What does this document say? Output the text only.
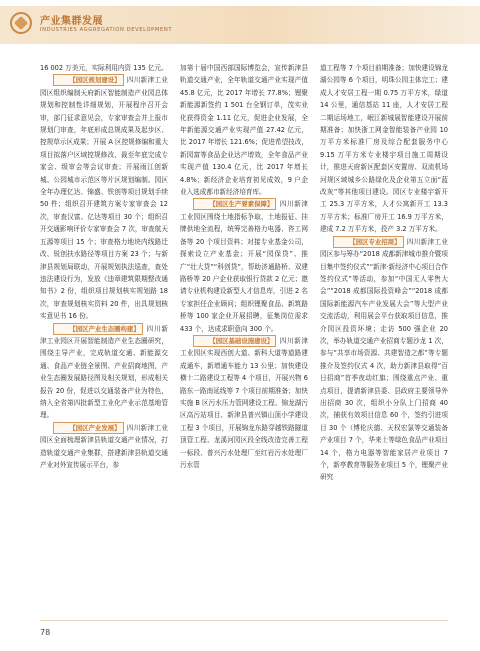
产业集群发展
INDUSTRIES AGGREGATION DEVELOPMENT

16 002 万美元，实际利用内资 135 亿元。

【园区规划建设】 四川新津工业园区组织编制天府新区智能制造产业园总体规划和控制性详细规划，开展程序召开会审，部门征求意见会，专家审查会并上报市规划门审查，年底形成总规成果及起步区、控规草示区成果；开展 A 区控规修编和重大项目拟落户区域控规修改、裁至年底完成专家会、级审会等会议审查；开展雨江创新城、公园城市示范区等片区规划编制。园区全年办理亿达、锦盛、铁创等项目规划手续 50 件；组织召开建筑方案专家审查会 12 次，审查汉富、亿达等项目 30 个；组织召开交通影响评价专家审查会 7 次，审查航天五源等项目 15 个；审查格力地块内线路迁改、锐创扶水路径等项目方案 23 个；与新津县规划局联动，开展规划执法巡查，查处违法建设行为，发放《违章建筑限期整改通知书》2 份，组织项目规划核实规划路 18 次，审查规划核实资料 20 件，出具规划核实意见书 16 份。

【园区产业生态圈构建】 四川新津工业园区开展智能制造产业生态圈研究，围绕主导产业，完成轨道交通、新能源交通、食品产业链全景图、产业招商地图，产业生态圈发展路径图及相关规划，形成相关报告 20 份，促进以交通装备产业为特色，纳入全省第四批新型工业化产业示范基地管理。

【园区产业发展】 四川新津工业园区全面梳理新津县轨道交通产业情况，打造轨道交通产业集群，搭建新津县轨道交通产业对外宣传展示平台，参

加第十届中国西部国际博览会，宣传新津县轨道交通产业，全年轨道交通产业实现产值 45.8 亿元，比 2017 年增长 77.8%；锂聚新能源新签约 1 501 台全钢订单，茂实业化获得资金 1.11 亿元，促进企业发展，全年新能源交通产业实现产值 27.42 亿元，比 2017 年增长 121.6%；促进希望技改，新园富等食品企业达产增效，全年食品产业实现产值 130.4 亿元，比 2017 年增长 4.8%；新经济企业培育初见成效，9 户企业入选成都市新经济培育库。

【园区生产要素保障】 四川新津工业园区围绕土地指标争取、土地报征、挂牌供地全流程，统筹完善格力电器、咨工网备等 20 个项目资料；对接专业基金公司，探索设立产业基金；开展“园保贷”、推广“壮大贷”“科创贷”，帮助济通路桥、双建路桥等 20 户企业获取银行贷款 2 亿元；邀请专业机构建设新型人才信息库，引进 2 名专家担任企业顾问；组织锂聚食品、新筑路桥等 100 家企业开展招聘，征集岗位需求 433 个，达成求职意向 300 个。

【园区基础设施建设】 四川新津工业园区实现西创大道、新科大道等道路建成通车，新增通车能力 13 公里；加快建设横十二路建设工程等 4 个项目，开展兴物 6 路东一路南延线等 7 个项目前期准备；加快实施 B 区污水压力管网建设工程、锦龙湖污区高污站项目、新津县普兴镇山顶小学建设工程 3 个项目，开展锦龙东路穿越铁路隧道顶管工程、龙溪河园区段全线改造完善工程一标段、普兴污水处理厂至红岩污水处理厂污水管

道工程等 7 个项目前期准备；加快建设锦龙湖公园等 6 个项目，明珠公园主体完工；建成人才安居工程一期 0.75 万平方米，绿道 14 公里，通信基站 11 座，人才安居工程二期运场地工，岷江新城展智能建设开展前期准备；加快浙工网金智能装备产业园 10 万平方米标准厂房及综合配套服务中心 9.15 万平方米专业楼宇项目施工周期设计，推进天府新区配套区安置房、双流机场河规区域城乡公路绿化及企业第五立面“蓝改灰”等其他项目建设。园区专业楼宇新开工 25.3 万平方米，人才公寓新开工 13.3 万平方米；标准厂房开工 16.9 万平方米，建成 7.2 万平方米，投产 3.2 万平方米。

【园区专业招商】 四川新津工业园区参与筹办“2018 成都新津城市推介暨项目集中签约仪式”“新津·新经济中心项目合作签约仪式”等活动，参加“中国无人零售大会”“2018 成都国际投资峰会”“2018 成都国际新能源汽车产业发展大会”等大型产业交流活动，利用展会平台获取项目信息，推介园区投资环境；走访 500 强企业 20 次，举办轨道交通产业招商专题沙龙 1 次，参与“共享市场资源、共建智造之都”等专题推介及签约仪式 4 次，助力新津县取得“百日招商”首季夜动红旗；围绕重点产业、重点项目，提请新津县委、县政府主要领导外出招商 30 次，组织小分队上门招商 40 次，捕获有效项目信息 60 个，签约引进项目 30 个（博伦庆德、天权宏氯等交通装备产业项目 7 个，华来士等绿色食品产业项目 14 个，格力电器等智能家居产业项目 7 个，新亭教育等服务业项目 5 个，锂聚产业研究

78
